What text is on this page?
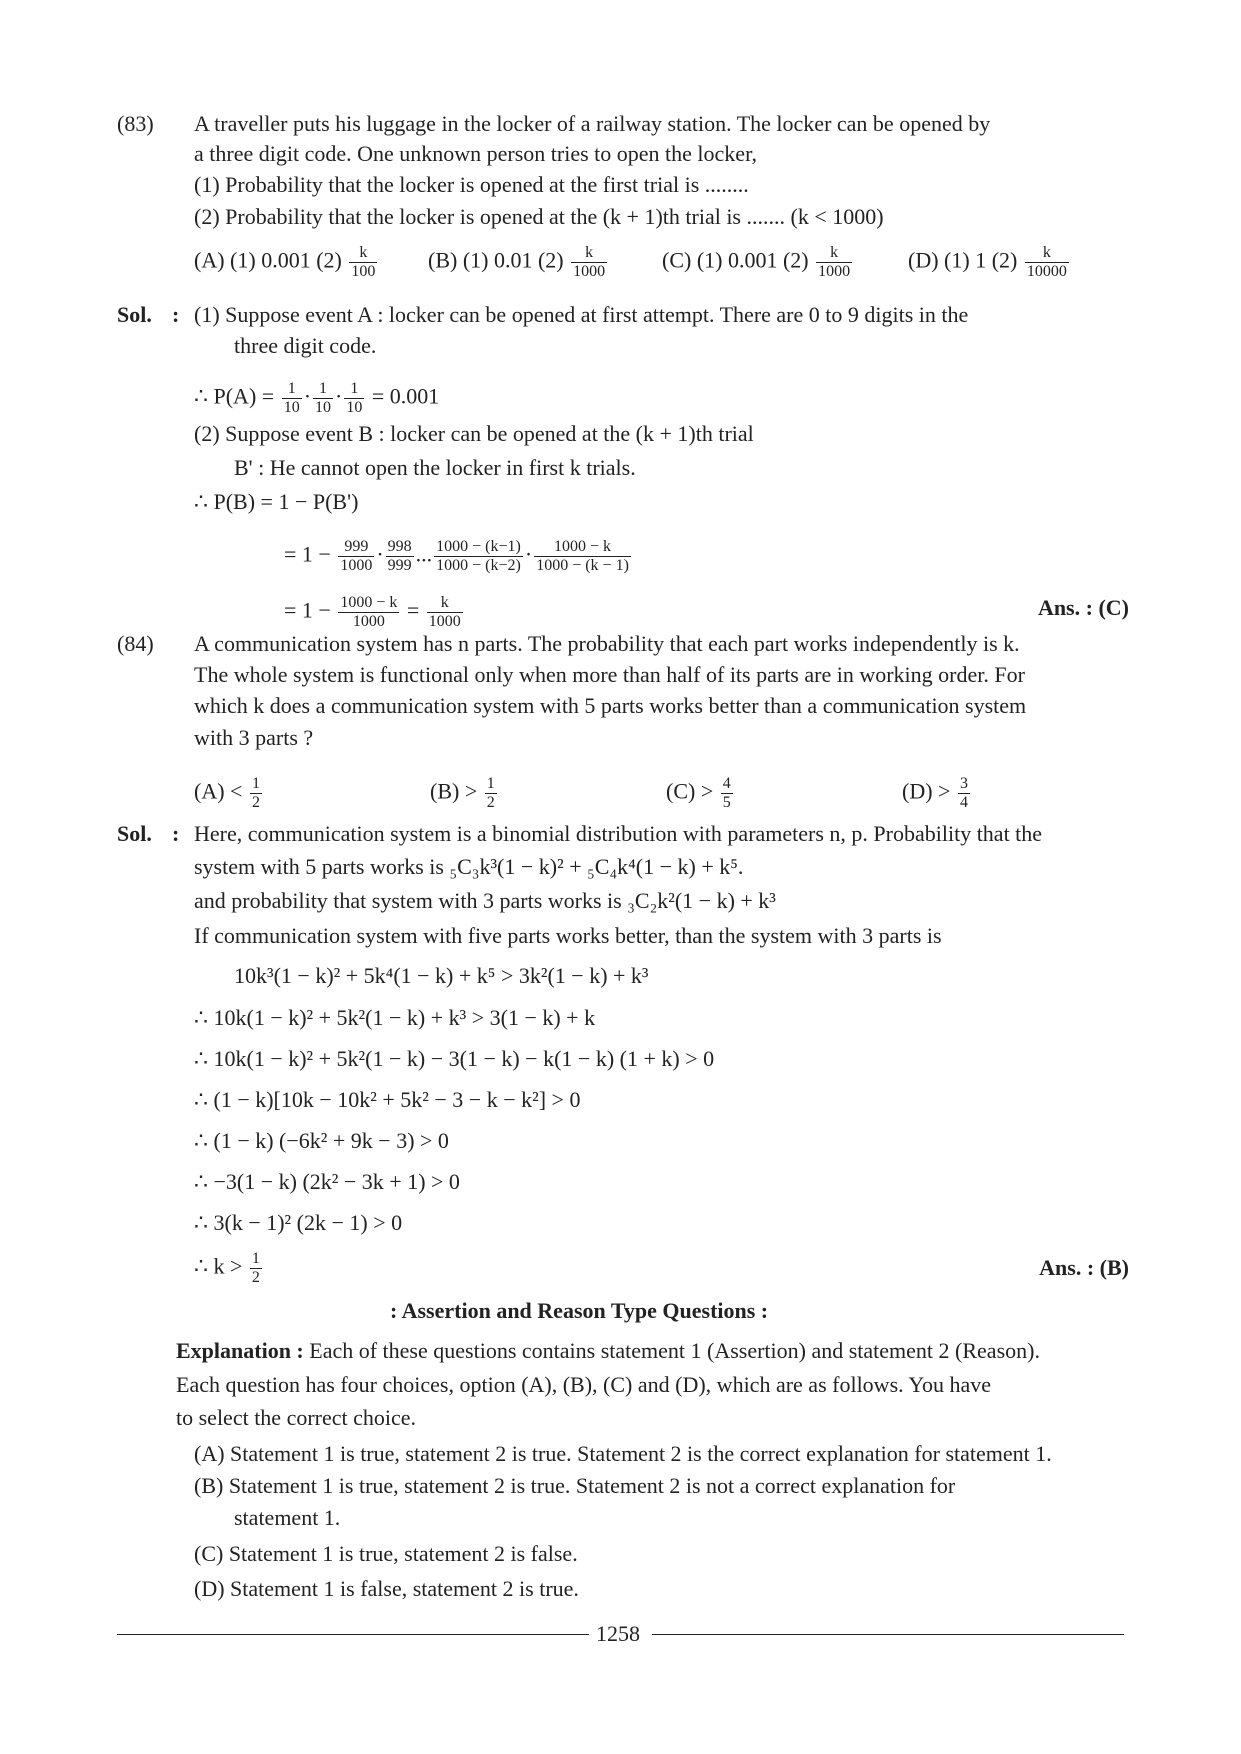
(83) A traveller puts his luggage in the locker of a railway station. The locker can be opened by
a three digit code. One unknown person tries to open the locker,
(1) Probability that the locker is opened at the first trial is ........
(2) Probability that the locker is opened at the (k + 1)th trial is ....... (k < 1000)
(A) (1) 0.001 $(2) \frac{k}{100} (B)$ (1) 0.01 $(2) \frac{k}{1000} (C)$ (1) 0.001 $(2) \frac{k}{1000}$	(D) (1) 1 $(2) \frac{k}{10000}$
Sol. : (1) Suppose event A : locker can be opened at first attempt. There are 0 to 9 digits in the
three digit code.
∴ $P(A) = \frac{1}{10} \cdot \frac{1}{10} \cdot \frac{1}{10} = 0.001$
(2) Suppose event B : locker can be opened at the (k + 1)th trial
B' : He cannot open the locker in first k trials.
∴ P(B) = 1 − P(B')
= $1 - \frac{999}{1000} \cdot \frac{998}{999}$ ... $\frac{1000 - (k-1)}{1000 - (k-2)} \cdot \frac{1000 - k}{1000 - (k - 1)}$
= $1 - \frac{1000 - k}{1000} = \frac{k}{1000}$	Ans. : (C)
(84) A communication system has n parts. The probability that each part works independently is k.
The whole system is functional only when more than half of its parts are in working order. For
which k does a communication system with 5 parts works better than a communication system
with 3 parts ?
$(A) < \frac{1}{2}$	$(B) > \frac{1}{2}$	$(C) > \frac{4}{5}$	$(D) > \frac{3}{4}$
Sol. : Here, communication system is a binomial distribution with parameters n, p. Probability that the
system with 5 parts works is ₅C₃k³(1 − k)² + ₅C₄k⁴(1 − k) + k⁵.
and probability that system with 3 parts works is ₃C₂k²(1 − k) + k³
If communication system with five parts works better, than the system with 3 parts is
10k³(1 − k)² + 5k⁴(1 − k) + k⁵ > 3k²(1 − k) + k³
∴ 10k(1 − k)² + 5k²(1 − k) + k³ > 3(1 − k) + k
∴ 10k(1 − k)² + 5k²(1 − k) − 3(1 − k) − k(1 − k) (1 + k) > 0
∴ (1 − k)[10k − 10k² + 5k² − 3 − k − k²] > 0
∴ (1 − k) (−6k² + 9k − 3) > 0
∴ −3(1 − k) (2k² − 3k + 1) > 0
∴ 3(k − 1)² (2k − 1) > 0
∴ $k > \frac{1}{2}$	Ans. : (B)
: Assertion and Reason Type Questions :
Explanation : Each of these questions contains statement 1 (Assertion) and statement 2 (Reason).
Each question has four choices, option (A), (B), (C) and (D), which are as follows. You have
to select the correct choice.
(A) Statement 1 is true, statement 2 is true. Statement 2 is the correct explanation for statement 1.
(B) Statement 1 is true, statement 2 is true. Statement 2 is not a correct explanation for
statement 1.
(C) Statement 1 is true, statement 2 is false.
(D) Statement 1 is false, statement 2 is true.
1258
